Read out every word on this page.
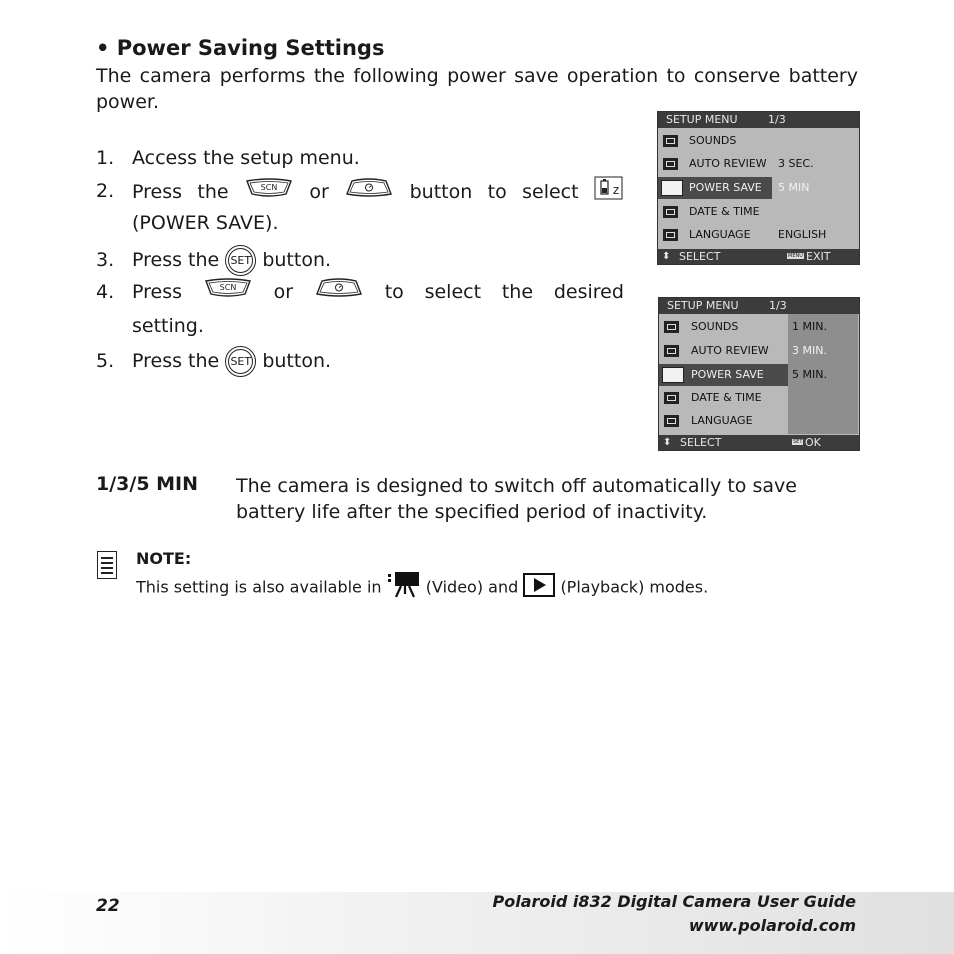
• Power Saving Settings
The camera performs the following power save operation to conserve battery power.
1. Access the setup menu.
2. Press the	SCN or	button to select	z
(POWER SAVE).
3. Press the SET button.
4. Press	SCN or	to select the desired
setting.
5. Press the SET button.
SETUP MENU	1/3
SOUNDS
AUTO REVIEW 3 SEC.
POWER SAVE 5 MIN
DATE & TIME
LANGUAGE ENGLISH
⬍ SELECT	MENU EXIT
SETUP MENU	1/3
SOUNDS	1 MIN.
AUTO REVIEW 3 MIN.
POWER SAVE	5 MIN.
DATE & TIME
LANGUAGE
⬍ SELECT	SET OK
1/3/5 MIN The camera is designed to switch off automatically to save
battery life after the specified period of inactivity.
NOTE:
This setting is also available in	(Video) and	(Playback) modes.
22	Polaroid i832 Digital Camera User Guide
www.polaroid.com
